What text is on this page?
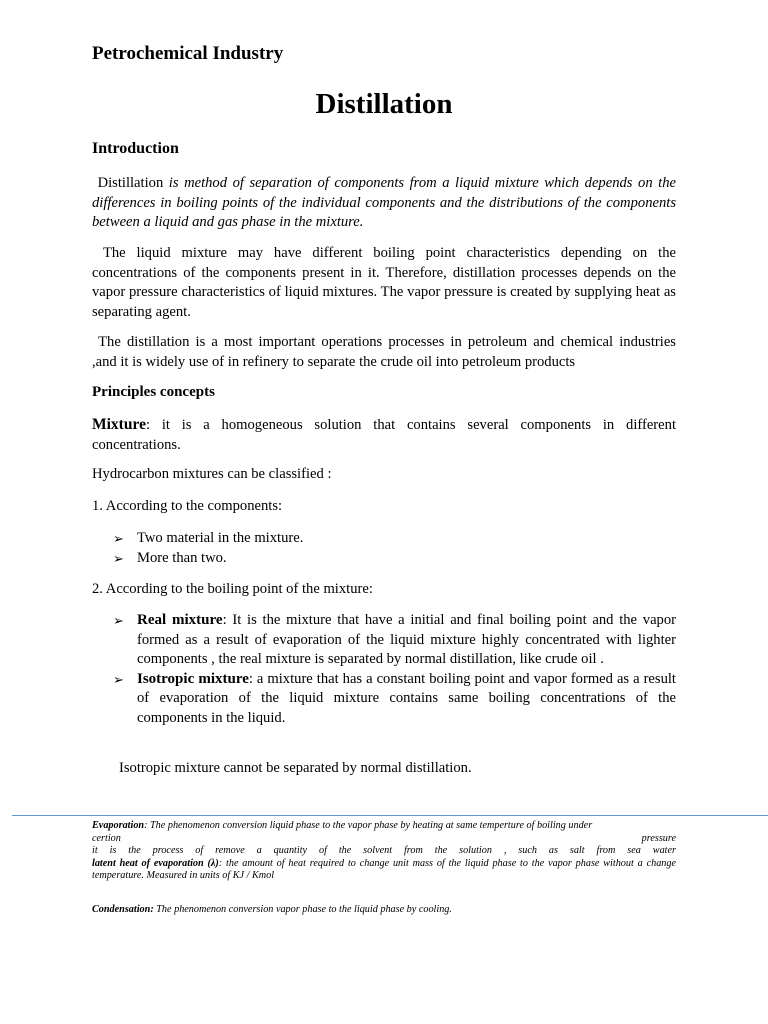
Petrochemical Industry
Distillation
Introduction
Distillation is method of separation of components from a liquid mixture which depends on the differences in boiling points of the individual components and the distributions of the components between a liquid and gas phase in the mixture.
The liquid mixture may have different boiling point characteristics depending on the concentrations of the components present in it. Therefore, distillation processes depends on the vapor pressure characteristics of liquid mixtures. The vapor pressure is created by supplying heat as separating agent.
The distillation is a most important operations processes in petroleum and chemical industries
,and it is widely use of in refinery to separate the crude oil into petroleum products
Principles concepts
Mixture: it is a homogeneous solution that contains several components in different concentrations.
Hydrocarbon mixtures can be classified :
1. According to the components:
➢ Two material in the mixture.
➢ More than two.
2. According to the boiling point of the mixture:
➢ Real mixture: It is the mixture that have a initial and final boiling point and the vapor formed as a result of evaporation of the liquid mixture highly concentrated with lighter components , the real mixture is separated by normal distillation, like crude oil .
➢ Isotropic mixture: a mixture that has a constant boiling point and vapor formed as a result of evaporation of the liquid mixture contains same boiling concentrations of the components in the liquid.
Isotropic mixture cannot be separated by normal distillation.
Evaporation: The phenomenon conversion liquid phase to the vapor phase by heating at same temperture of boiling under
certion	pressure
it is the process of remove a quantity of the solvent from the solution , such as salt from sea water
latent heat of evaporation (λ): the amount of heat required to change unit mass of the liquid phase to the vapor phase without a change temperature. Measured in units of KJ / Kmol
Condensation: The phenomenon conversion vapor phase to the liquid phase by cooling.
